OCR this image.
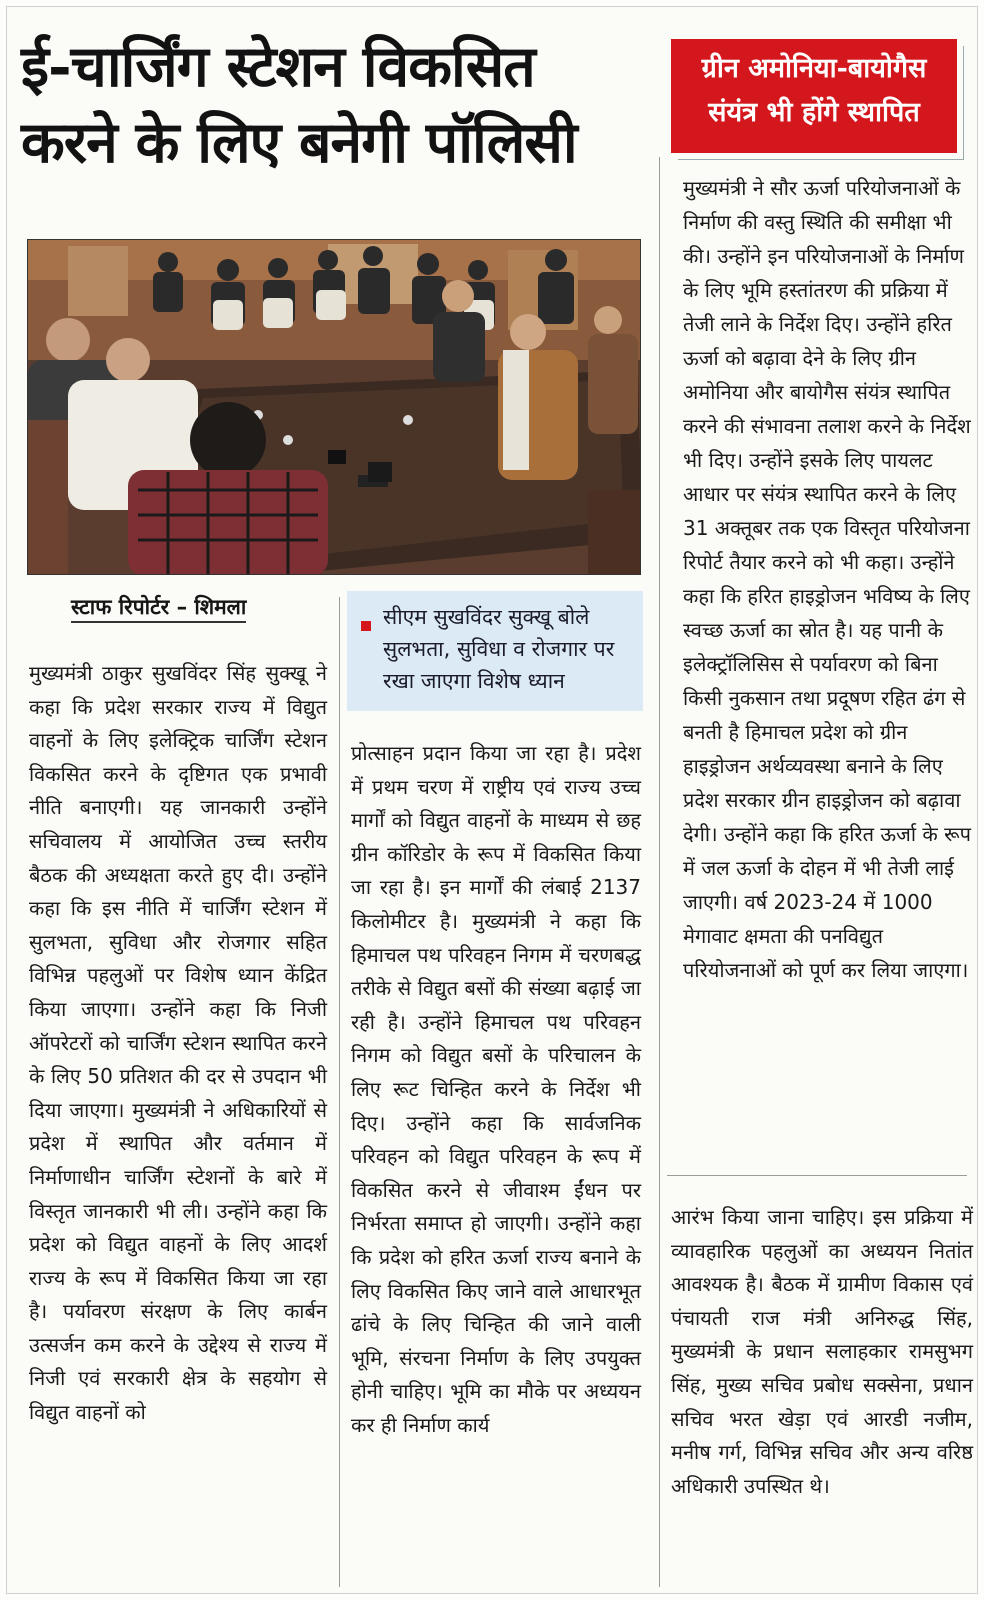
ई-चार्जिंग स्टेशन विकसित
करने के लिए बनेगी पॉलिसी
ग्रीन अमोनिया-बायोगैस
संयंत्र भी होंगे स्थापित
स्टाफ रिपोर्टर – शिमला	सीएम सुखविंदर सुक्खू बोले सुलभता, सुविधा व रोजगार पर रखा जाएगा विशेष ध्यान

मुख्यमंत्री ठाकुर सुखविंदर सिंह सुक्खू ने कहा कि प्रदेश सरकार राज्य में विद्युत वाहनों के लिए इलेक्ट्रिक चार्जिंग स्टेशन विकसित करने के दृष्टिगत एक प्रभावी नीति बनाएगी। यह जानकारी उन्होंने सचिवालय में आयोजित उच्च स्तरीय बैठक की अध्यक्षता करते हुए दी। उन्होंने कहा कि इस नीति में चार्जिंग स्टेशन में सुलभता, सुविधा और रोजगार सहित विभिन्न पहलुओं पर विशेष ध्यान केंद्रित किया जाएगा। उन्होंने कहा कि निजी ऑपरेटरों को चार्जिंग स्टेशन स्थापित करने के लिए 50 प्रतिशत की दर से उपदान भी दिया जाएगा। मुख्यमंत्री ने अधिकारियों से प्रदेश में स्थापित और वर्तमान में निर्माणाधीन चार्जिंग स्टेशनों के बारे में विस्तृत जानकारी भी ली। उन्होंने कहा कि प्रदेश को विद्युत वाहनों के लिए आदर्श राज्य के रूप में विकसित किया जा रहा है। पर्यावरण संरक्षण के लिए कार्बन उत्सर्जन कम करने के उद्देश्य से राज्य में निजी एवं सरकारी क्षेत्र के सहयोग से विद्युत वाहनों को
प्रोत्साहन प्रदान किया जा रहा है। प्रदेश में प्रथम चरण में राष्ट्रीय एवं राज्य उच्च मार्गों को विद्युत वाहनों के माध्यम से छह ग्रीन कॉरिडोर के रूप में विकसित किया जा रहा है। इन मार्गों की लंबाई 2137 किलोमीटर है। मुख्यमंत्री ने कहा कि हिमाचल पथ परिवहन निगम में चरणबद्ध तरीके से विद्युत बसों की संख्या बढ़ाई जा रही है। उन्होंने हिमाचल पथ परिवहन निगम को विद्युत बसों के परिचालन के लिए रूट चिन्हित करने के निर्देश भी दिए। उन्होंने कहा कि सार्वजनिक परिवहन को विद्युत परिवहन के रूप में विकसित करने से जीवाश्म ईंधन पर निर्भरता समाप्त हो जाएगी। उन्होंने कहा कि प्रदेश को हरित ऊर्जा राज्य बनाने के लिए विकसित किए जाने वाले आधारभूत ढांचे के लिए चिन्हित की जाने वाली भूमि, संरचना निर्माण के लिए उपयुक्त होनी चाहिए। भूमि का मौके पर अध्ययन कर ही निर्माण कार्य
मुख्यमंत्री ने सौर ऊर्जा परियोजनाओं के निर्माण की वस्तु स्थिति की समीक्षा भी की। उन्होंने इन परियोजनाओं के निर्माण के लिए भूमि हस्तांतरण की प्रक्रिया में तेजी लाने के निर्देश दिए। उन्होंने हरित ऊर्जा को बढ़ावा देने के लिए ग्रीन अमोनिया और बायोगैस संयंत्र स्थापित करने की संभावना तलाश करने के निर्देश भी दिए। उन्होंने इसके लिए पायलट आधार पर संयंत्र स्थापित करने के लिए 31 अक्तूबर तक एक विस्तृत परियोजना रिपोर्ट तैयार करने को भी कहा। उन्होंने कहा कि हरित हाइड्रोजन भविष्य के लिए स्वच्छ ऊर्जा का स्रोत है। यह पानी के इलेक्ट्रॉलिसिस से पर्यावरण को बिना किसी नुकसान तथा प्रदूषण रहित ढंग से बनती है हिमाचल प्रदेश को ग्रीन हाइड्रोजन अर्थव्यवस्था बनाने के लिए प्रदेश सरकार ग्रीन हाइड्रोजन को बढ़ावा देगी। उन्होंने कहा कि हरित ऊर्जा के रूप में जल ऊर्जा के दोहन में भी तेजी लाई जाएगी। वर्ष 2023-24 में 1000 मेगावाट क्षमता की पनविद्युत परियोजनाओं को पूर्ण कर लिया जाएगा।
आरंभ किया जाना चाहिए। इस प्रक्रिया में व्यावहारिक पहलुओं का अध्ययन नितांत आवश्यक है। बैठक में ग्रामीण विकास एवं पंचायती राज मंत्री अनिरुद्ध सिंह, मुख्यमंत्री के प्रधान सलाहकार रामसुभग सिंह, मुख्य सचिव प्रबोध सक्सेना, प्रधान सचिव भरत खेड़ा एवं आरडी नजीम, मनीष गर्ग, विभिन्न सचिव और अन्य वरिष्ठ अधिकारी उपस्थित थे।
